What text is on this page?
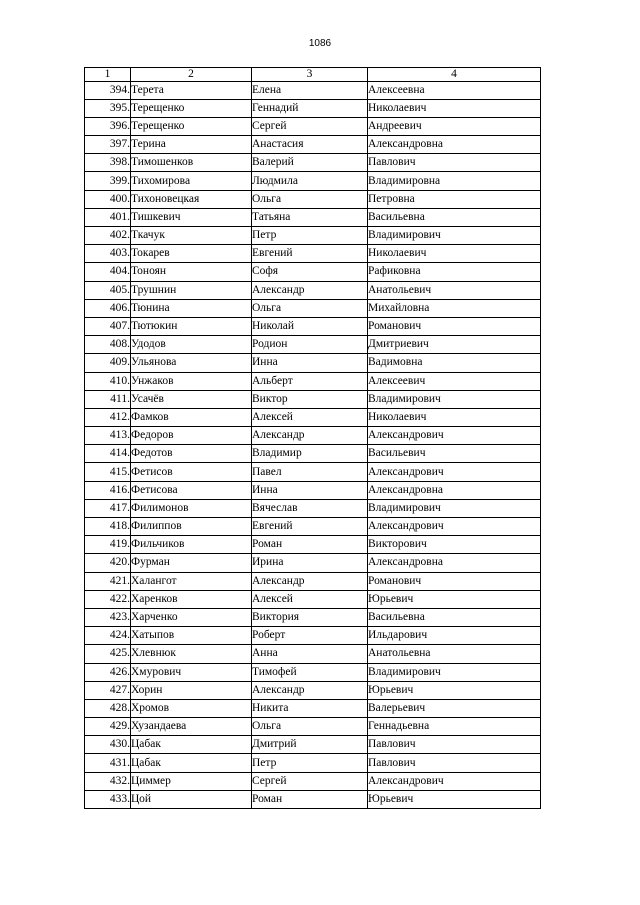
1086
1	2	3	4
394.	Терета	Елена	Алексеевна
395.	Терещенко	Геннадий	Николаевич
396.	Терещенко	Сергей	Андреевич
397.	Терина	Анастасия	Александровна
398.	Тимошенков	Валерий	Павлович
399.	Тихомирова	Людмила	Владимировна
400.	Тихоновецкая	Ольга	Петровна
401.	Тишкевич	Татьяна	Васильевна
402.	Ткачук	Петр	Владимирович
403.	Токарев	Евгений	Николаевич
404.	Тоноян	Софя	Рафиковна
405.	Трушнин	Александр	Анатольевич
406.	Тюнина	Ольга	Михайловна
407.	Тютюкин	Николай	Романович
408.	Удодов	Родион	Дмитриевич
409.	Ульянова	Инна	Вадимовна
410.	Унжаков	Альберт	Алексеевич
411.	Усачёв	Виктор	Владимирович
412.	Фамков	Алексей	Николаевич
413.	Федоров	Александр	Александрович
414.	Федотов	Владимир	Васильевич
415.	Фетисов	Павел	Александрович
416.	Фетисова	Инна	Александровна
417.	Филимонов	Вячеслав	Владимирович
418.	Филиппов	Евгений	Александрович
419.	Фильчиков	Роман	Викторович
420.	Фурман	Ирина	Александровна
421.	Халангот	Александр	Романович
422.	Харенков	Алексей	Юрьевич
423.	Харченко	Виктория	Васильевна
424.	Хатыпов	Роберт	Ильдарович
425.	Хлевнюк	Анна	Анатольевна
426.	Хмурович	Тимофей	Владимирович
427.	Хорин	Александр	Юрьевич
428.	Хромов	Никита	Валерьевич
429.	Хузандаева	Ольга	Геннадьевна
430.	Цабак	Дмитрий	Павлович
431.	Цабак	Петр	Павлович
432.	Циммер	Сергей	Александрович
433.	Цой	Роман	Юрьевич
